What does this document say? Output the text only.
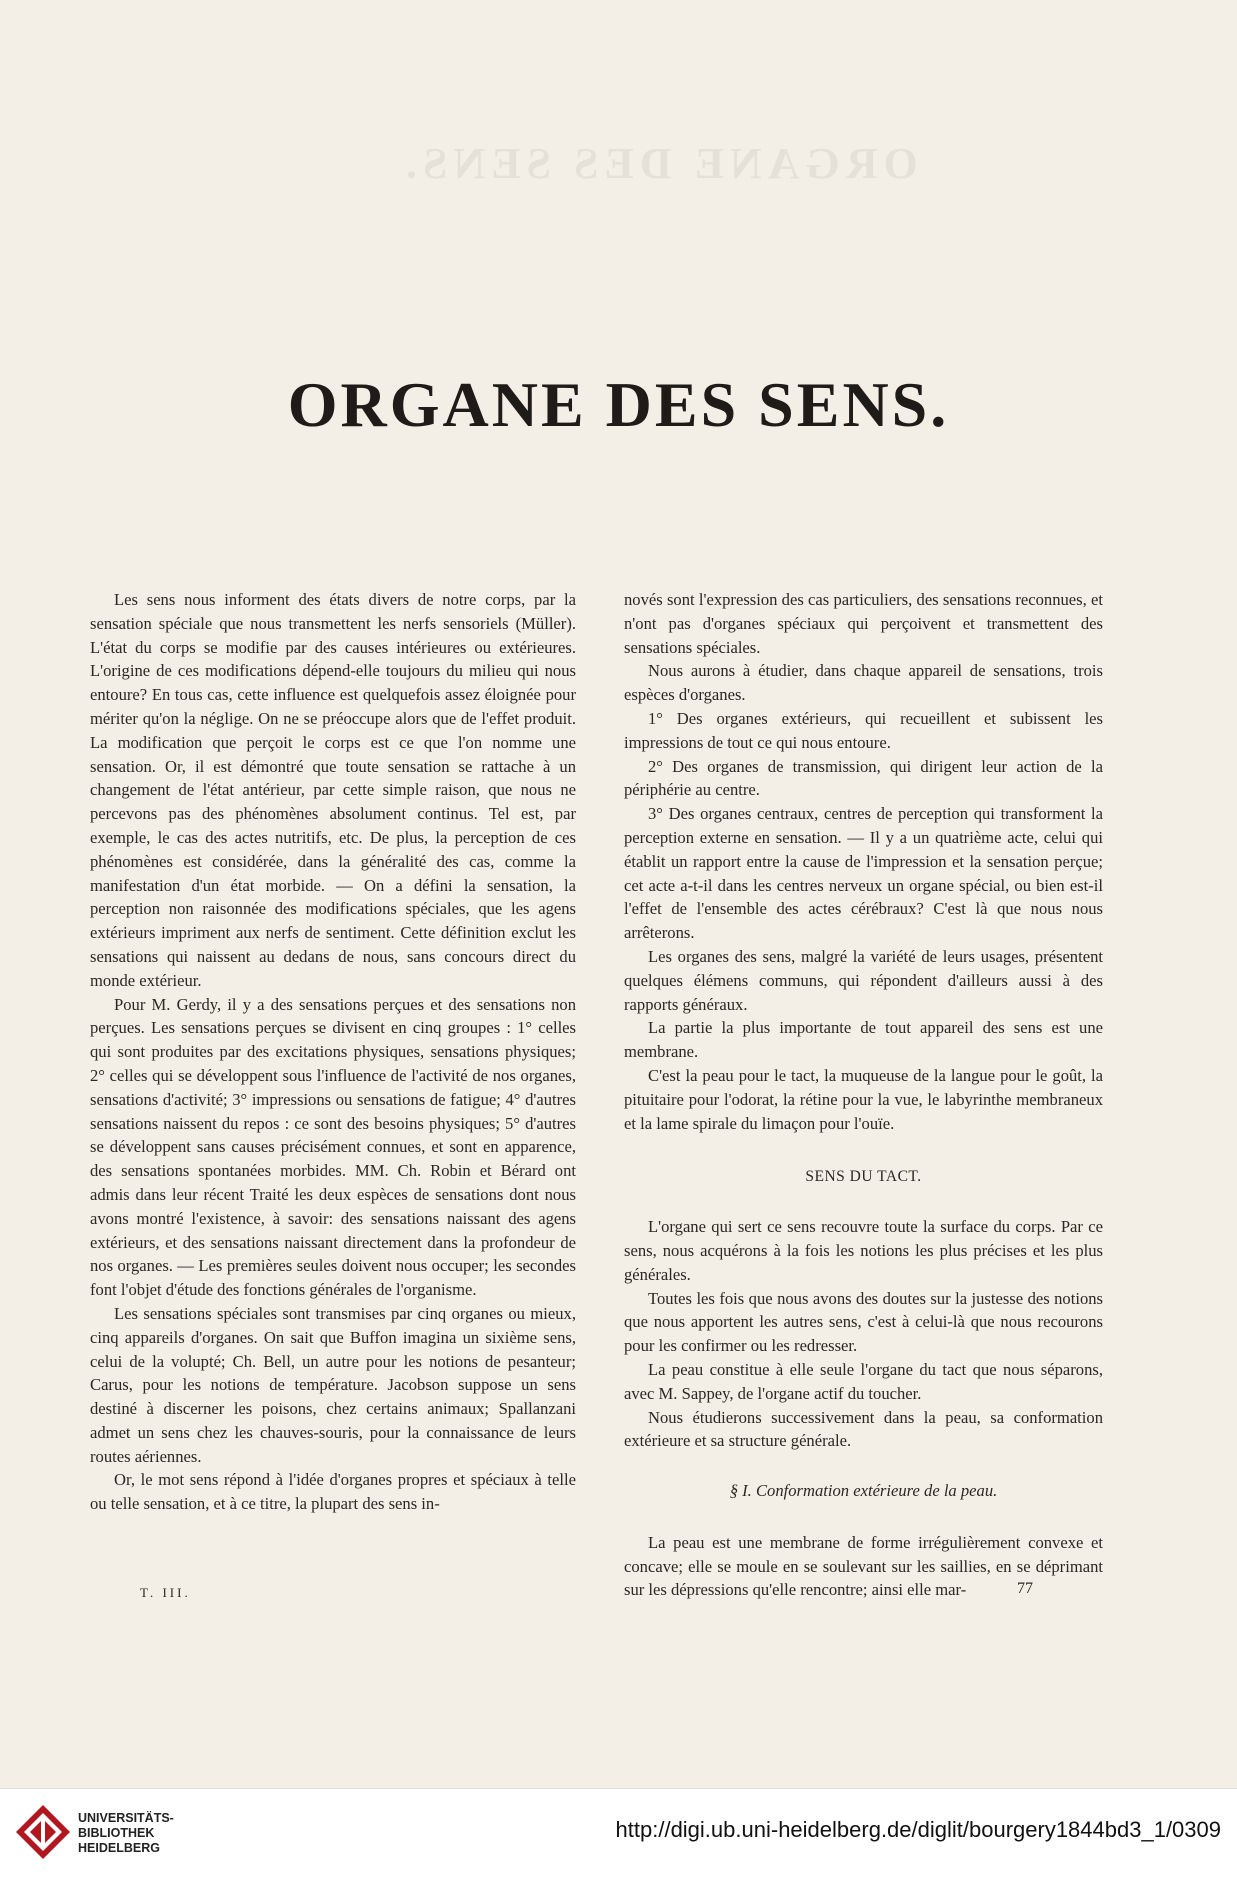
ORGANE DES SENS.
ORGANE DES SENS.

Les sens nous informent des états divers de notre corps, par la sensation spéciale que nous transmettent les nerfs sensoriels (Müller). L'état du corps se modifie par des causes intérieures ou extérieures. L'origine de ces modifications dépend-elle toujours du milieu qui nous entoure? En tous cas, cette influence est quelquefois assez éloignée pour mériter qu'on la néglige. On ne se préoccupe alors que de l'effet produit. La modification que perçoit le corps est ce que l'on nomme une sensation. Or, il est démontré que toute sensation se rattache à un changement de l'état antérieur, par cette simple raison, que nous ne percevons pas des phénomènes absolument continus. Tel est, par exemple, le cas des actes nutritifs, etc. De plus, la perception de ces phénomènes est considérée, dans la généralité des cas, comme la manifestation d'un état morbide. — On a défini la sensation, la perception non raisonnée des modifications spéciales, que les agens extérieurs impriment aux nerfs de sentiment. Cette définition exclut les sensations qui naissent au dedans de nous, sans concours direct du monde extérieur.

Pour M. Gerdy, il y a des sensations perçues et des sensations non perçues. Les sensations perçues se divisent en cinq groupes : 1° celles qui sont produites par des excitations physiques, sensations physiques; 2° celles qui se développent sous l'influence de l'activité de nos organes, sensations d'activité; 3° impressions ou sensations de fatigue; 4° d'autres sensations naissent du repos : ce sont des besoins physiques; 5° d'autres se développent sans causes précisément connues, et sont en apparence, des sensations spontanées morbides. MM. Ch. Robin et Bérard ont admis dans leur récent Traité les deux espèces de sensations dont nous avons montré l'existence, à savoir: des sensations naissant des agens extérieurs, et des sensations naissant directement dans la profondeur de nos organes. — Les premières seules doivent nous occuper; les secondes font l'objet d'étude des fonctions générales de l'organisme.

Les sensations spéciales sont transmises par cinq organes ou mieux, cinq appareils d'organes. On sait que Buffon imagina un sixième sens, celui de la volupté; Ch. Bell, un autre pour les notions de pesanteur; Carus, pour les notions de température. Jacobson suppose un sens destiné à discerner les poisons, chez certains animaux; Spallanzani admet un sens chez les chauves-souris, pour la connaissance de leurs routes aériennes.

Or, le mot sens répond à l'idée d'organes propres et spéciaux à telle ou telle sensation, et à ce titre, la plupart des sens in-

novés sont l'expression des cas particuliers, des sensations reconnues, et n'ont pas d'organes spéciaux qui perçoivent et transmettent des sensations spéciales.

Nous aurons à étudier, dans chaque appareil de sensations, trois espèces d'organes.

1° Des organes extérieurs, qui recueillent et subissent les impressions de tout ce qui nous entoure.

2° Des organes de transmission, qui dirigent leur action de la périphérie au centre.

3° Des organes centraux, centres de perception qui transforment la perception externe en sensation. — Il y a un quatrième acte, celui qui établit un rapport entre la cause de l'impression et la sensation perçue; cet acte a-t-il dans les centres nerveux un organe spécial, ou bien est-il l'effet de l'ensemble des actes cérébraux? C'est là que nous nous arrêterons.

Les organes des sens, malgré la variété de leurs usages, présentent quelques élémens communs, qui répondent d'ailleurs aussi à des rapports généraux.

La partie la plus importante de tout appareil des sens est une membrane.

C'est la peau pour le tact, la muqueuse de la langue pour le goût, la pituitaire pour l'odorat, la rétine pour la vue, le labyrinthe membraneux et la lame spirale du limaçon pour l'ouïe.

SENS DU TACT.

L'organe qui sert ce sens recouvre toute la surface du corps. Par ce sens, nous acquérons à la fois les notions les plus précises et les plus générales.

Toutes les fois que nous avons des doutes sur la justesse des notions que nous apportent les autres sens, c'est à celui-là que nous recourons pour les confirmer ou les redresser.

La peau constitue à elle seule l'organe du tact que nous séparons, avec M. Sappey, de l'organe actif du toucher.

Nous étudierons successivement dans la peau, sa conformation extérieure et sa structure générale.

§ I. Conformation extérieure de la peau.

La peau est une membrane de forme irrégulièrement convexe et concave; elle se moule en se soulevant sur les saillies, en se déprimant sur les dépressions qu'elle rencontre; ainsi elle mar-

T. III.	77
UNIVERSITÄTS-
BIBLIOTHEK
HEIDELBERG
http://digi.ub.uni-heidelberg.de/diglit/bourgery1844bd3_1/0309
